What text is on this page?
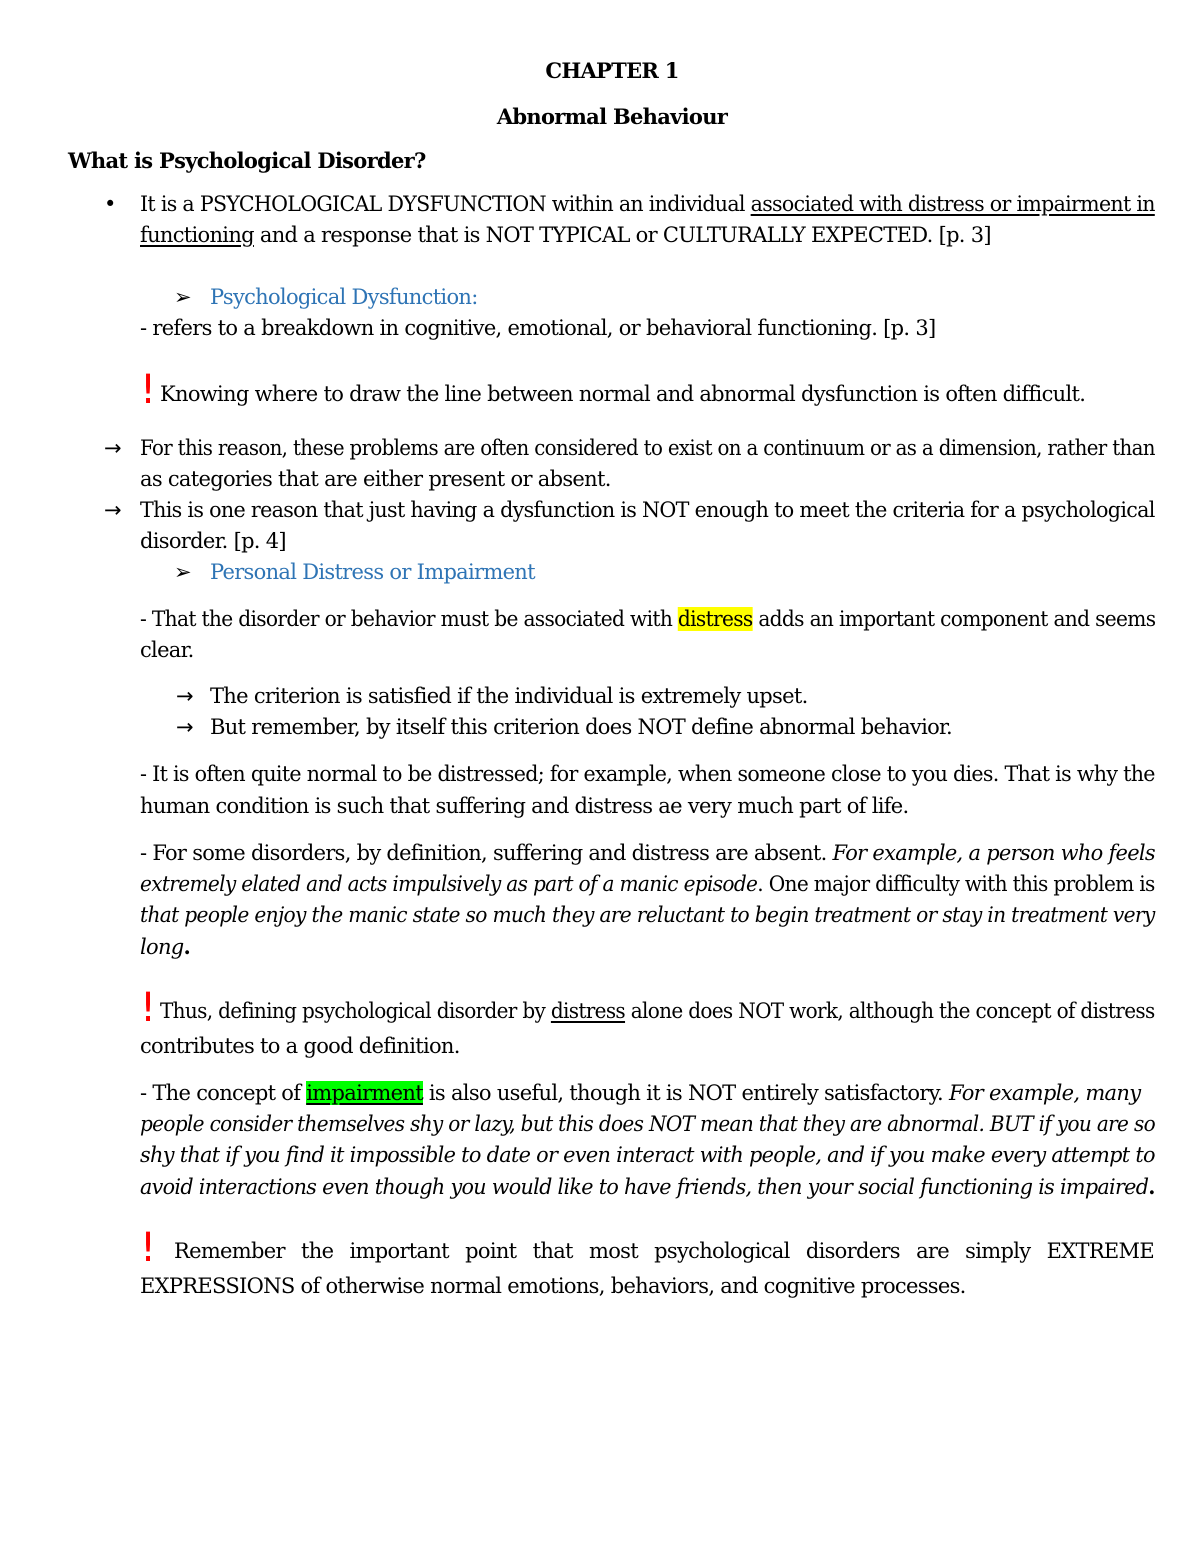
CHAPTER 1
Abnormal Behaviour
What is Psychological Disorder?
• It is a PSYCHOLOGICAL DYSFUNCTION within an individual associated with distress or impairment in
functioning and a response that is NOT TYPICAL or CULTURALLY EXPECTED. [p. 3]
➢ Psychological Dysfunction:
- refers to a breakdown in cognitive, emotional, or behavioral functioning. [p. 3]
! Knowing where to draw the line between normal and abnormal dysfunction is often difficult.
→ For this reason, these problems are often considered to exist on a continuum or as a dimension, rather than
as categories that are either present or absent.
→ This is one reason that just having a dysfunction is NOT enough to meet the criteria for a psychological
disorder. [p. 4]
➢ Personal Distress or Impairment
- That the disorder or behavior must be associated with distress adds an important component and seems
clear.
→ The criterion is satisfied if the individual is extremely upset.
→ But remember, by itself this criterion does NOT define abnormal behavior.
- It is often quite normal to be distressed; for example, when someone close to you dies. That is why the
human condition is such that suffering and distress ae very much part of life.
- For some disorders, by definition, suffering and distress are absent. For example, a person who feels
extremely elated and acts impulsively as part of a manic episode. One major difficulty with this problem is
that people enjoy the manic state so much they are reluctant to begin treatment or stay in treatment very
long.
! Thus, defining psychological disorder by distress alone does NOT work, although the concept of distress
contributes to a good definition.
- The concept of impairment is also useful, though it is NOT entirely satisfactory. For example, many
people consider themselves shy or lazy, but this does NOT mean that they are abnormal. BUT if you are so
shy that if you find it impossible to date or even interact with people, and if you make every attempt to
avoid interactions even though you would like to have friends, then your social functioning is impaired.
! Remember the important point that most psychological disorders are simply EXTREME
EXPRESSIONS of otherwise normal emotions, behaviors, and cognitive processes.
